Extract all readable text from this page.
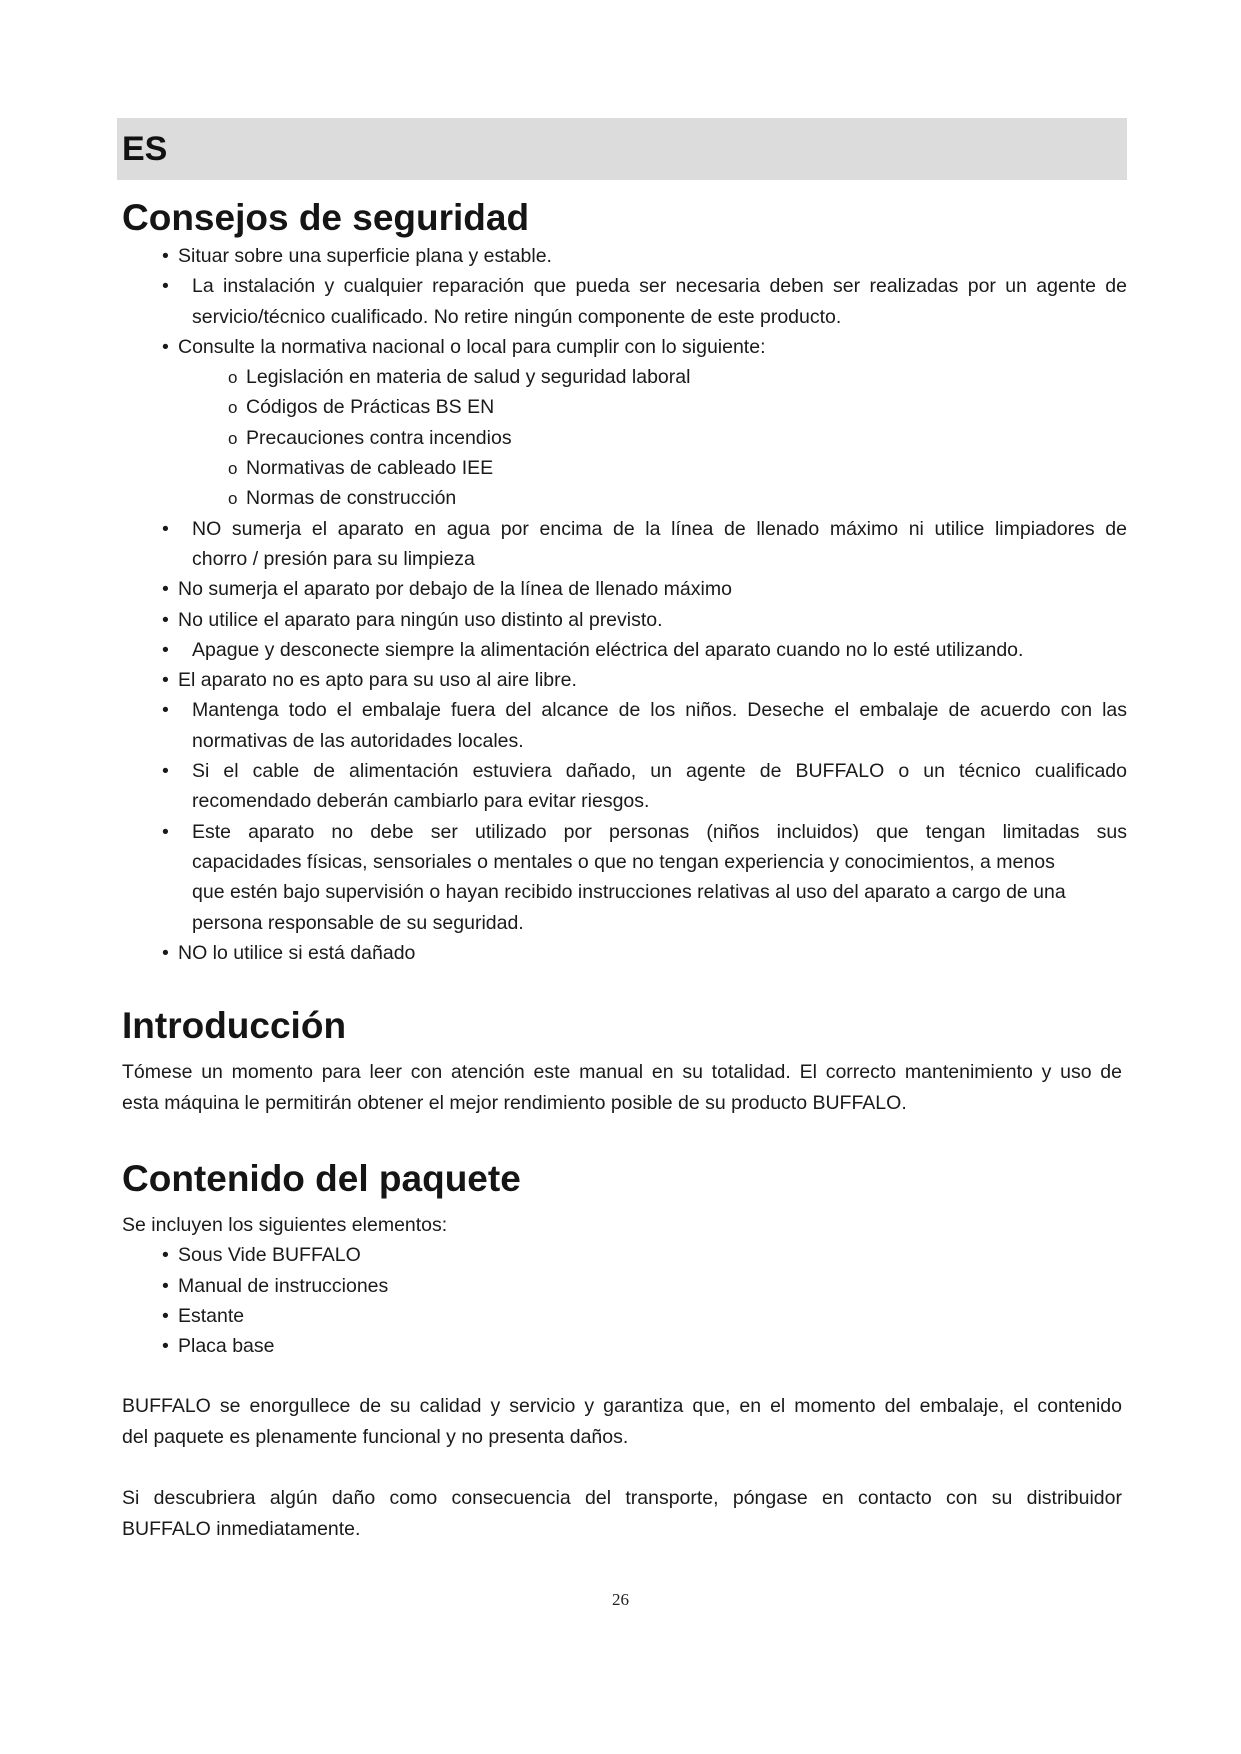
ES
Consejos de seguridad
• Situar sobre una superficie plana y estable.
• La instalación y cualquier reparación que pueda ser necesaria deben ser realizadas por un agente de
servicio/técnico cualificado. No retire ningún componente de este producto.
• Consulte la normativa nacional o local para cumplir con lo siguiente:
o Legislación en materia de salud y seguridad laboral
o Códigos de Prácticas BS EN
o Precauciones contra incendios
o Normativas de cableado IEE
o Normas de construcción
• NO sumerja el aparato en agua por encima de la línea de llenado máximo ni utilice limpiadores de
chorro / presión para su limpieza
• No sumerja el aparato por debajo de la línea de llenado máximo
• No utilice el aparato para ningún uso distinto al previsto.
• Apague y desconecte siempre la alimentación eléctrica del aparato cuando no lo esté utilizando.
• El aparato no es apto para su uso al aire libre.
• Mantenga todo el embalaje fuera del alcance de los niños. Deseche el embalaje de acuerdo con las
normativas de las autoridades locales.
• Si el cable de alimentación estuviera dañado, un agente de BUFFALO o un técnico cualificado
recomendado deberán cambiarlo para evitar riesgos.
• Este aparato no debe ser utilizado por personas (niños incluidos) que tengan limitadas sus
capacidades físicas, sensoriales o mentales o que no tengan experiencia y conocimientos, a menos
que estén bajo supervisión o hayan recibido instrucciones relativas al uso del aparato a cargo de una
persona responsable de su seguridad.
• NO lo utilice si está dañado
Introducción
Tómese un momento para leer con atención este manual en su totalidad. El correcto mantenimiento y uso de
esta máquina le permitirán obtener el mejor rendimiento posible de su producto BUFFALO.
Contenido del paquete
Se incluyen los siguientes elementos:
• Sous Vide BUFFALO
• Manual de instrucciones
• Estante
• Placa base
BUFFALO se enorgullece de su calidad y servicio y garantiza que, en el momento del embalaje, el contenido
del paquete es plenamente funcional y no presenta daños.
Si descubriera algún daño como consecuencia del transporte, póngase en contacto con su distribuidor
BUFFALO inmediatamente.
26
